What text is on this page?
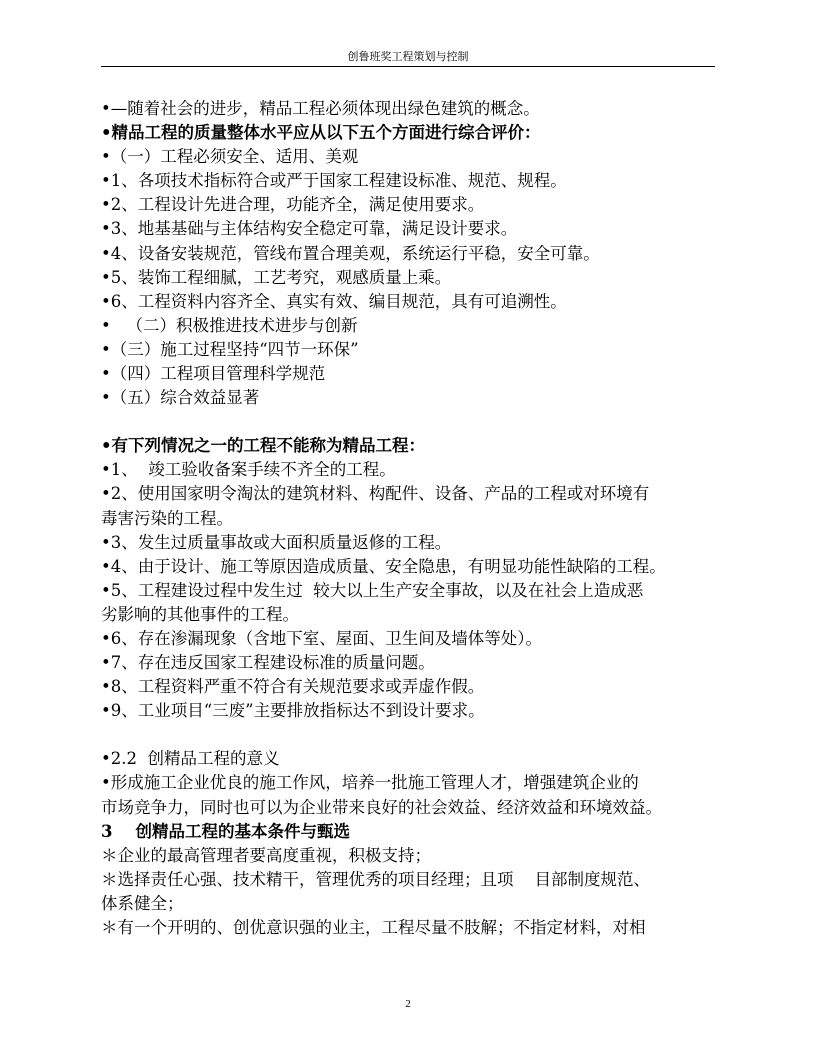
创鲁班奖工程策划与控制
•—随着社会的进步，精品工程必须体现出绿色建筑的概念。
•精品工程的质量整体水平应从以下五个方面进行综合评价：
•（一）工程必须安全、适用、美观
•1、各项技术指标符合或严于国家工程建设标准、规范、规程。
•2、工程设计先进合理，功能齐全，满足使用要求。
•3、地基基础与主体结构安全稳定可靠，满足设计要求。
•4、设备安装规范，管线布置合理美观，系统运行平稳，安全可靠。
•5、装饰工程细腻，工艺考究，观感质量上乘。
•6、工程资料内容齐全、真实有效、编目规范，具有可追溯性。
•   （二）积极推进技术进步与创新
•（三）施工过程坚持“四节一环保”
•（四）工程项目管理科学规范
•（五）综合效益显著
•有下列情况之一的工程不能称为精品工程：
•1、  竣工验收备案手续不齐全的工程。
•2、使用国家明令淘汰的建筑材料、构配件、设备、产品的工程或对环境有
毒害污染的工程。
•3、发生过质量事故或大面积质量返修的工程。
•4、由于设计、施工等原因造成质量、安全隐患，有明显功能性缺陷的工程。
•5、工程建设过程中发生过  较大以上生产安全事故，以及在社会上造成恶
劣影响的其他事件的工程。
•6、存在渗漏现象（含地下室、屋面、卫生间及墙体等处）。
•7、存在违反国家工程建设标准的质量问题。
•8、工程资料严重不符合有关规范要求或弄虚作假。
•9、工业项目“三废”主要排放指标达不到设计要求。
•2.2  创精品工程的意义
•形成施工企业优良的施工作风，培养一批施工管理人才，增强建筑企业的
市场竞争力，同时也可以为企业带来良好的社会效益、经济效益和环境效益。
3    创精品工程的基本条件与甄选
＊企业的最高管理者要高度重视，积极支持；
＊选择责任心强、技术精干，管理优秀的项目经理；且项    目部制度规范、
体系健全；
＊有一个开明的、创优意识强的业主，工程尽量不肢解；不指定材料，对相
2
